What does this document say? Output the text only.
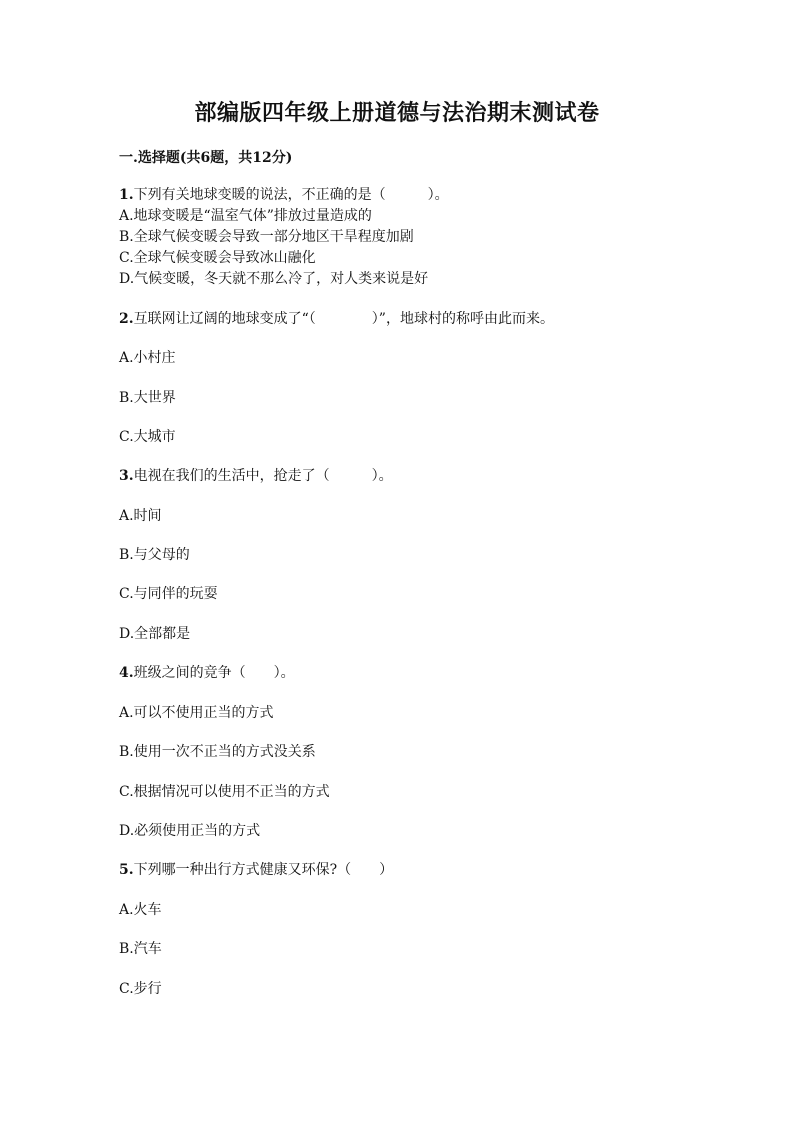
部编版四年级上册道德与法治期末测试卷
一.选择题(共6题，共12分)
1.下列有关地球变暖的说法，不正确的是（　　　）。
A.地球变暖是“温室气体”排放过量造成的
B.全球气候变暖会导致一部分地区干旱程度加剧
C.全球气候变暖会导致冰山融化
D.气候变暖，冬天就不那么冷了，对人类来说是好
2.互联网让辽阔的地球变成了“（　　　　）”，地球村的称呼由此而来。
A.小村庄
B.大世界
C.大城市
3.电视在我们的生活中，抢走了（　　　）。
A.时间
B.与父母的
C.与同伴的玩耍
D.全部都是
4.班级之间的竞争（　　）。
A.可以不使用正当的方式
B.使用一次不正当的方式没关系
C.根据情况可以使用不正当的方式
D.必须使用正当的方式
5.下列哪一种出行方式健康又环保?（　　）
A.火车
B.汽车
C.步行
